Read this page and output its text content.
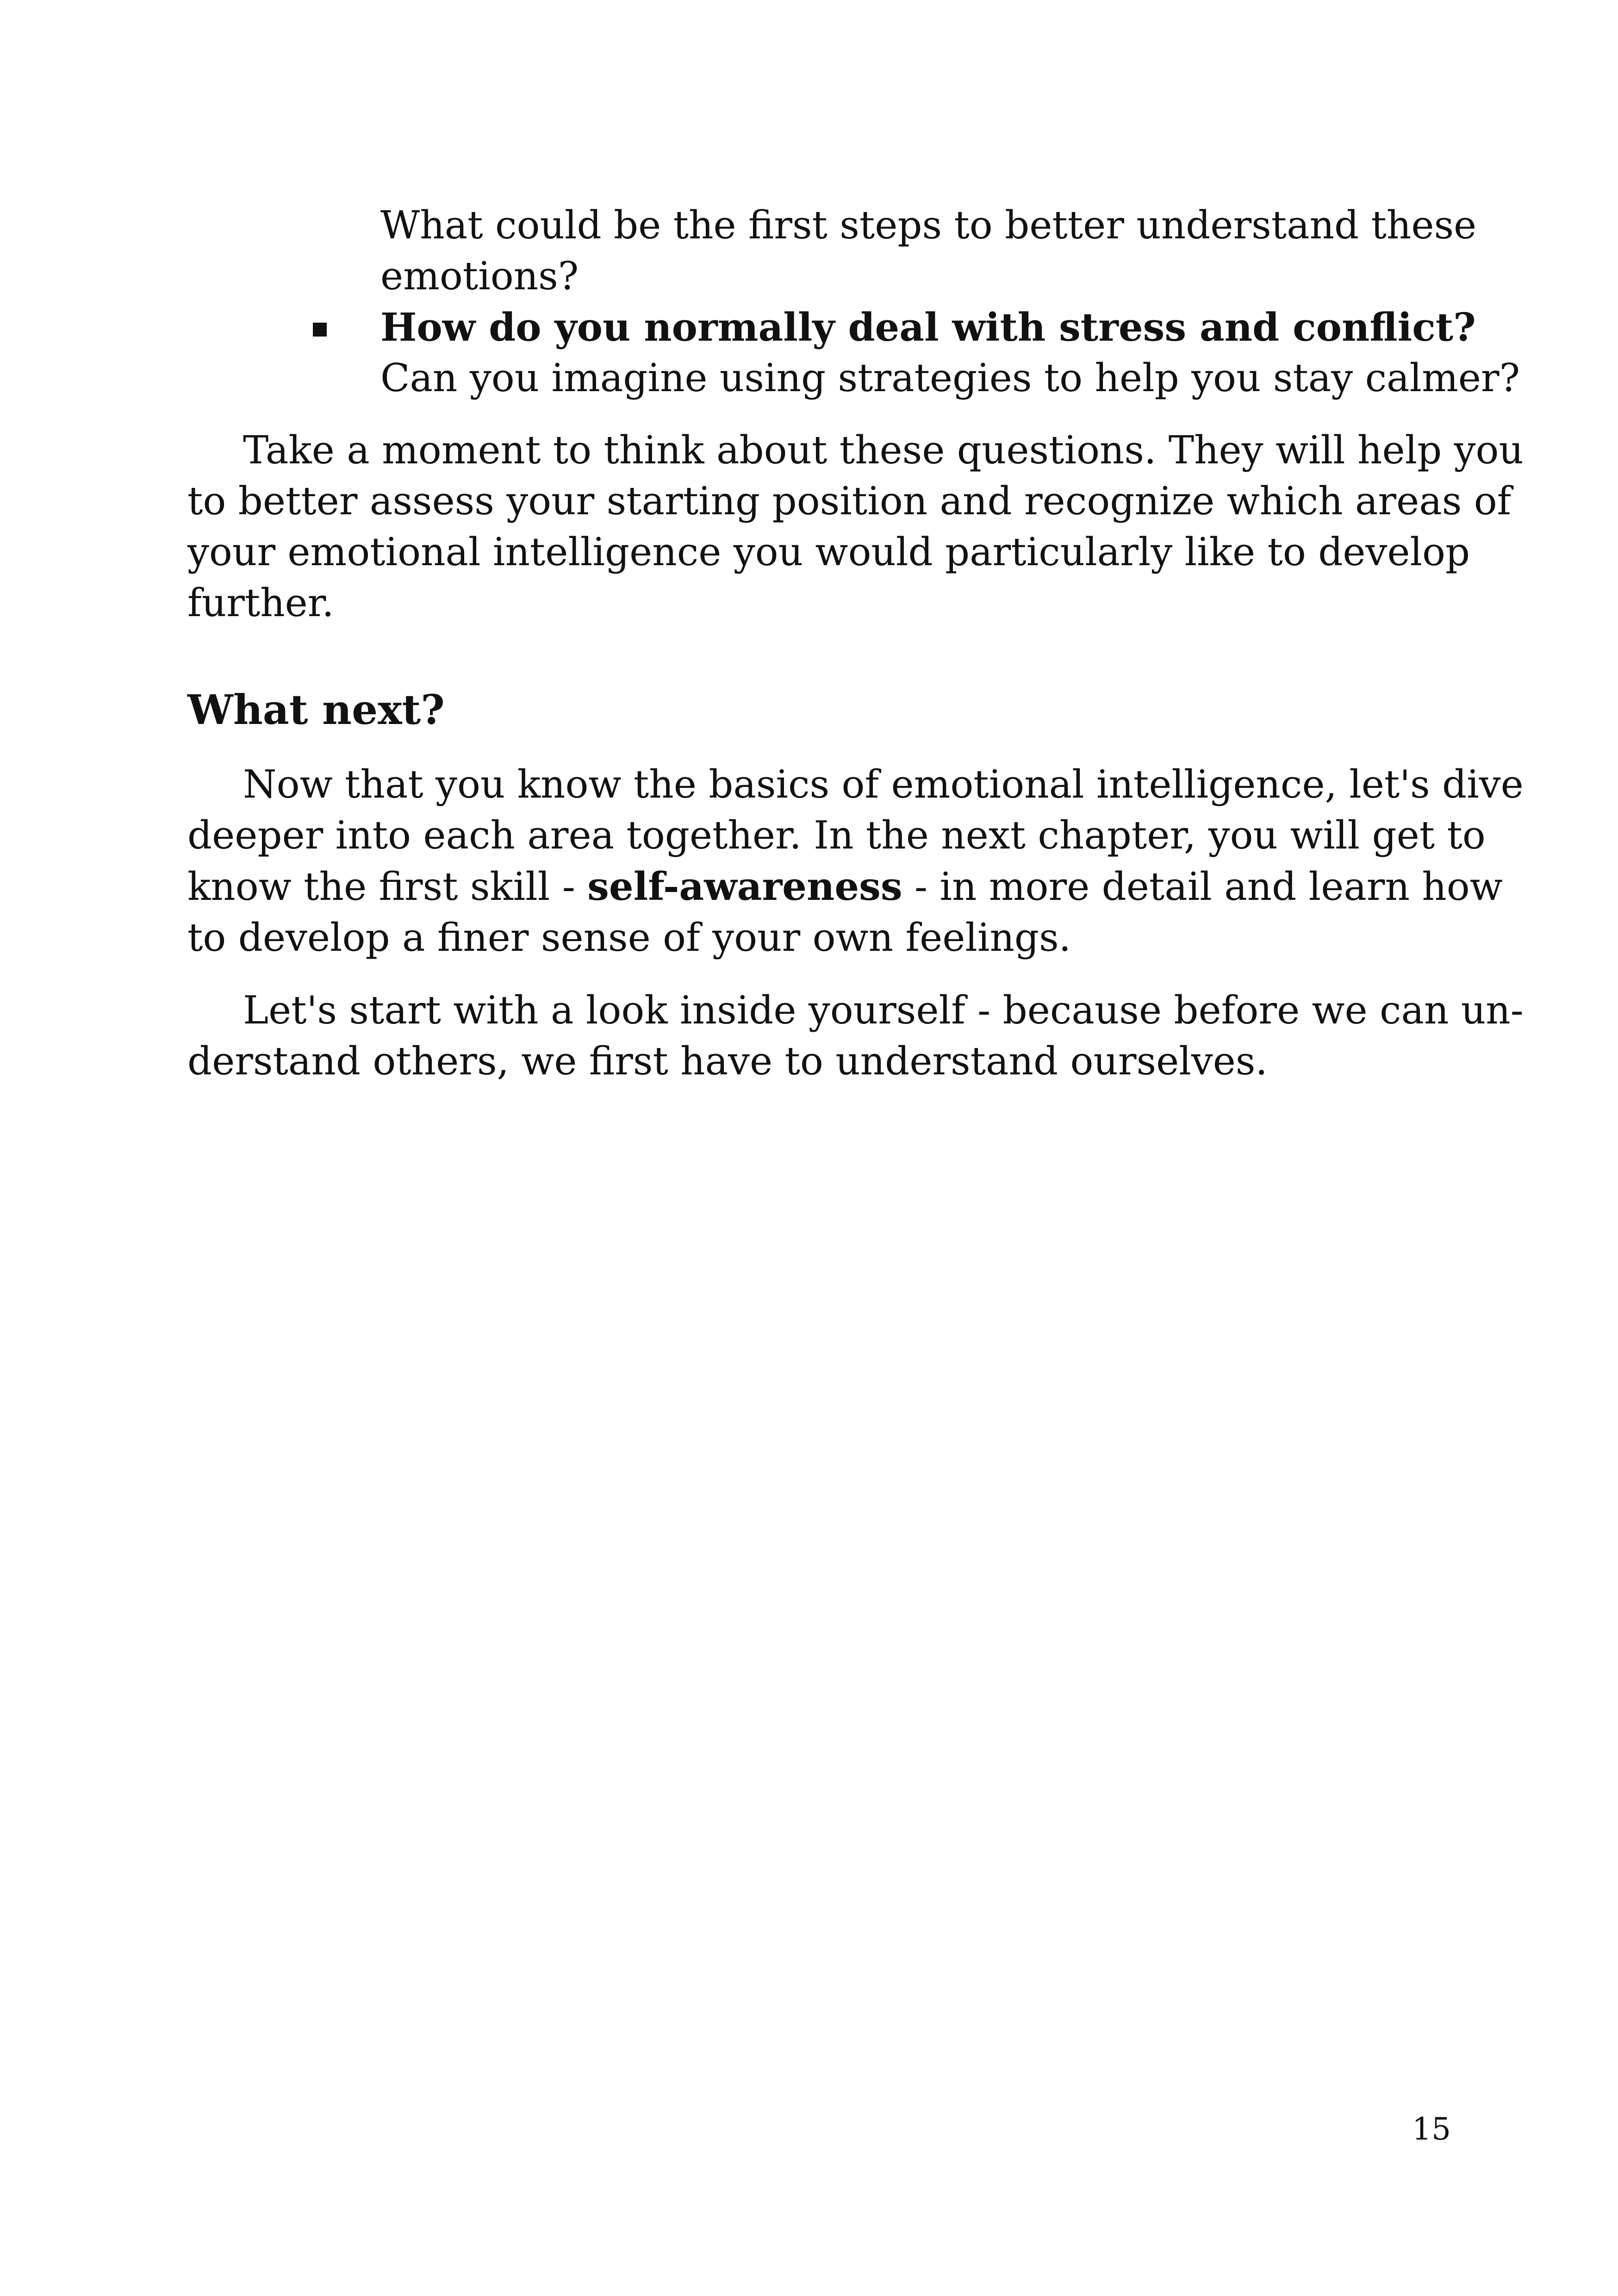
What could be the first steps to better understand these
emotions?
How do you normally deal with stress and conflict?
Can you imagine using strategies to help you stay calmer?
Take a moment to think about these questions. They will help you
to better assess your starting position and recognize which areas of
your emotional intelligence you would particularly like to develop
further.
What next?
Now that you know the basics of emotional intelligence, let's dive
deeper into each area together. In the next chapter, you will get to
know the first skill - self-awareness - in more detail and learn how
to develop a finer sense of your own feelings.
Let's start with a look inside yourself - because before we can un-
derstand others, we first have to understand ourselves.
15
